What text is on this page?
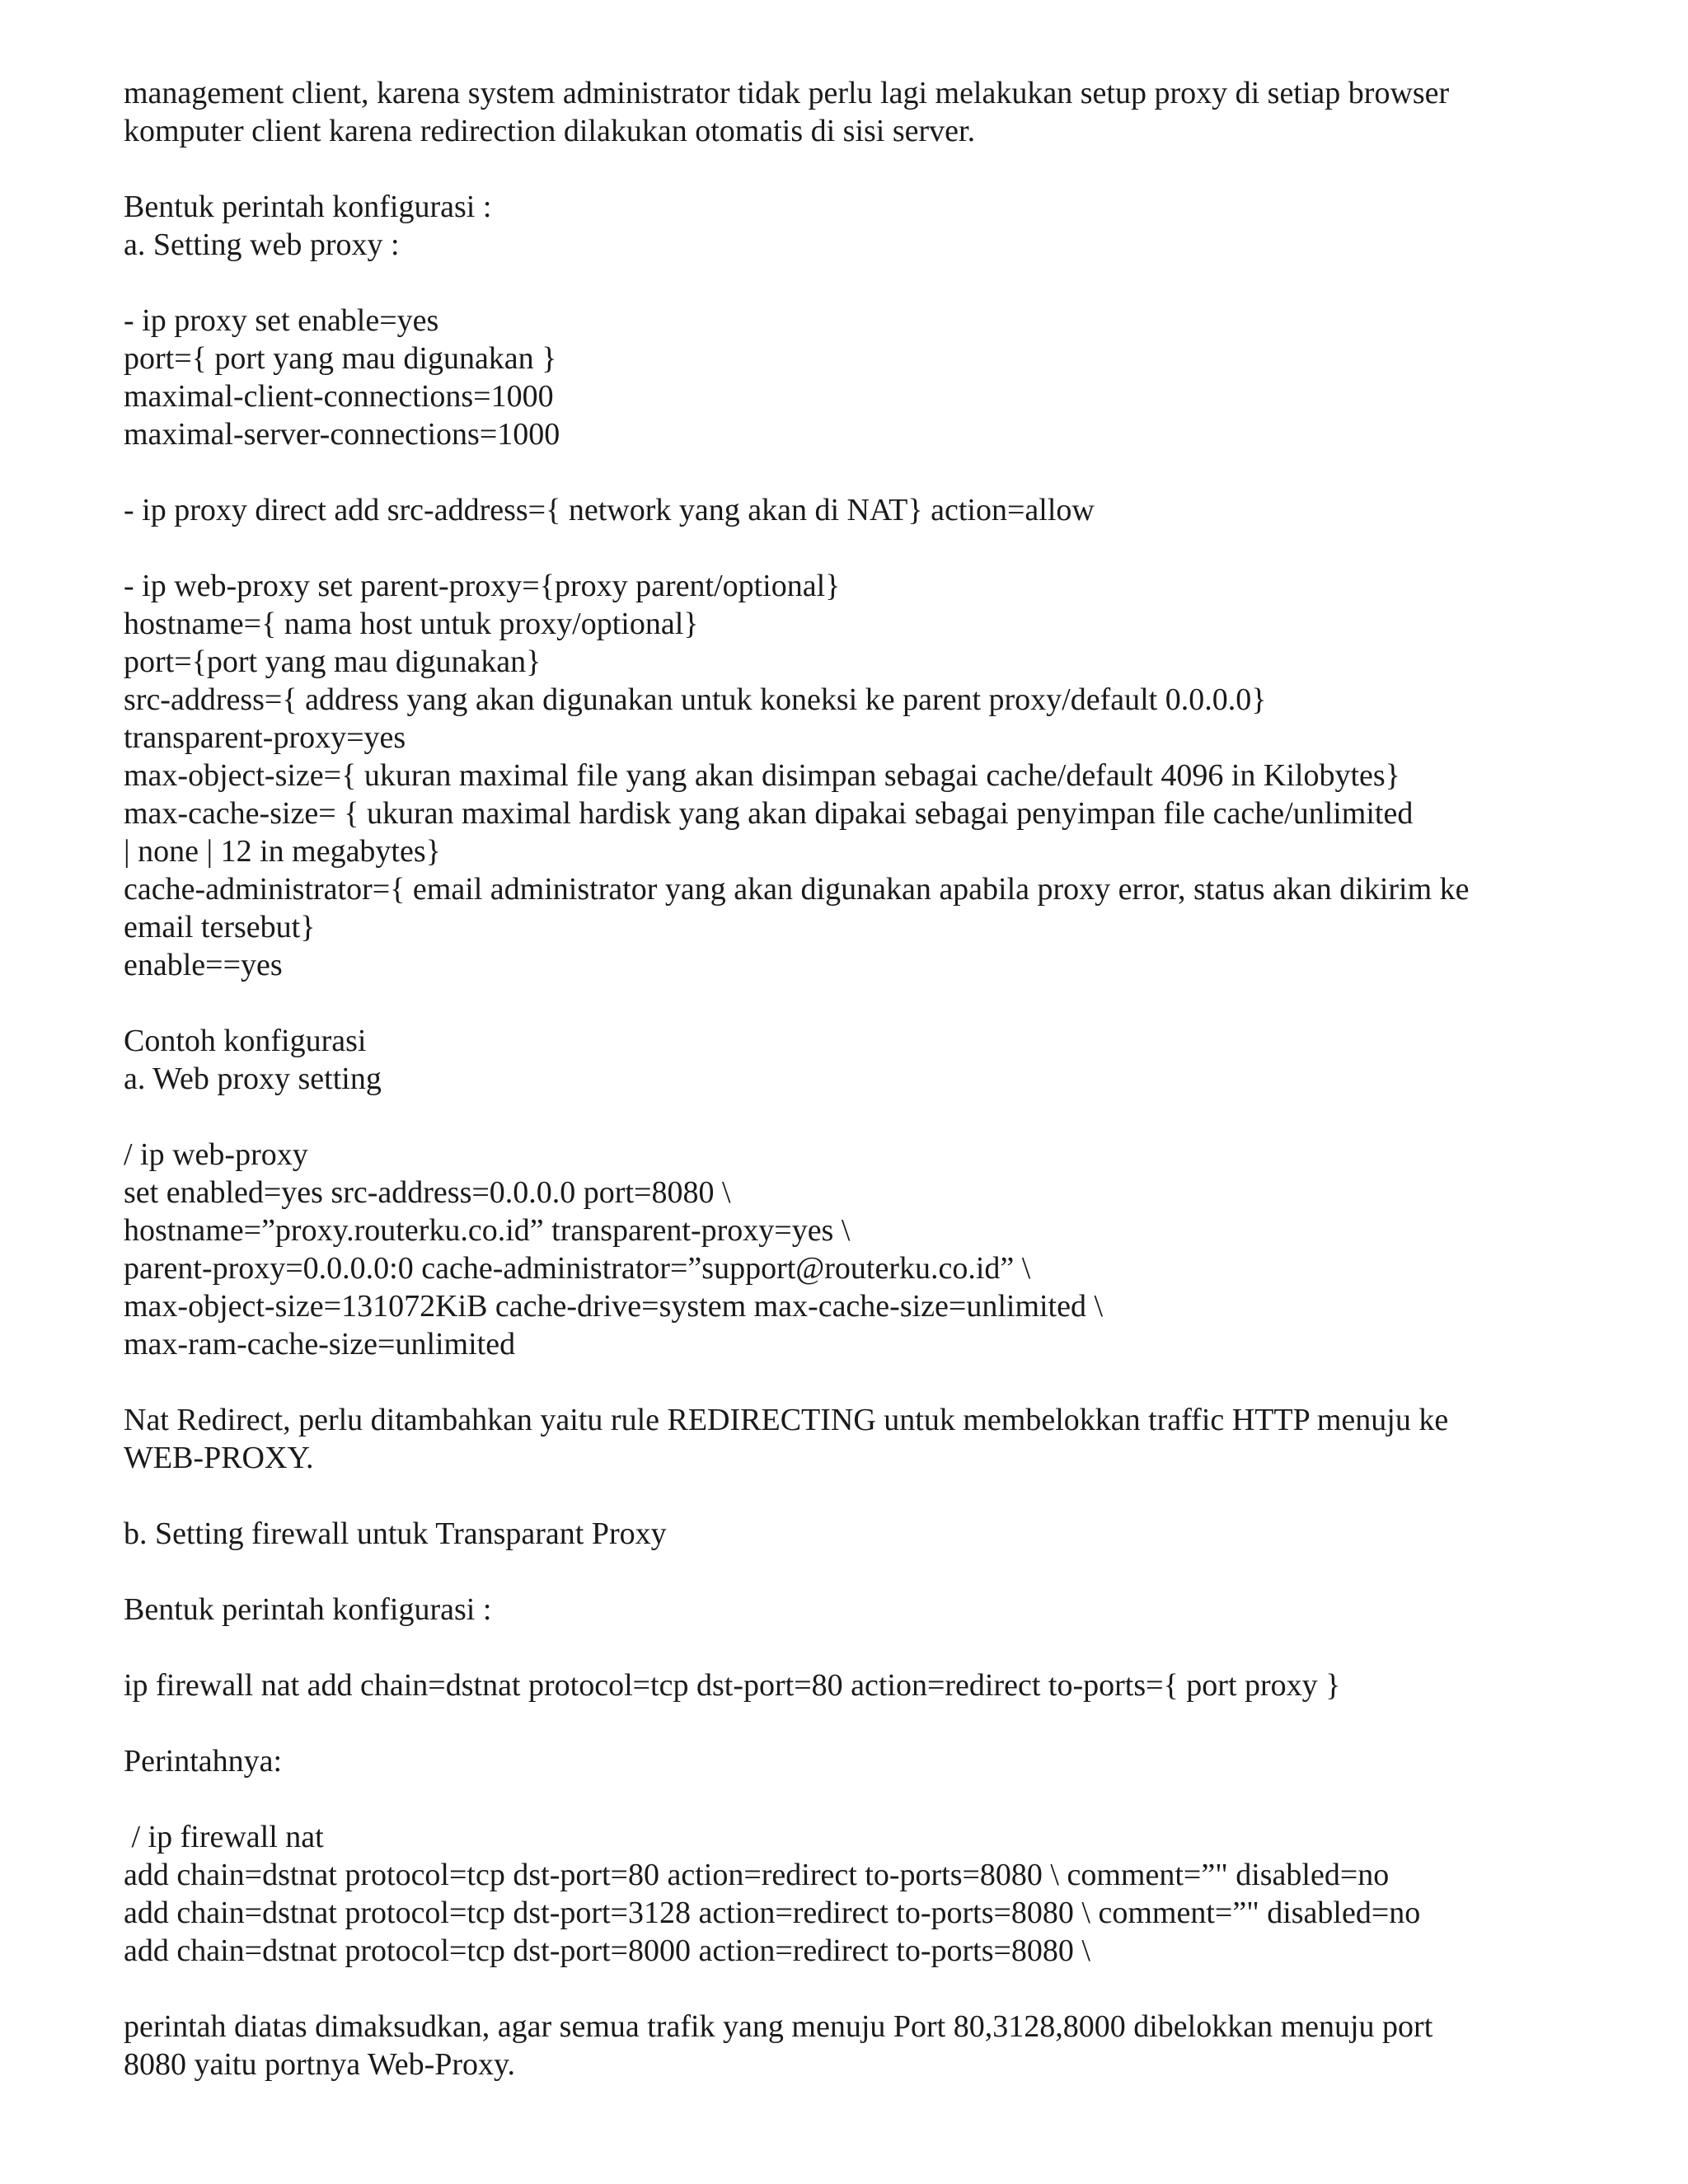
management client, karena system administrator tidak perlu lagi melakukan setup proxy di setiap browser
komputer client karena redirection dilakukan otomatis di sisi server.
Bentuk perintah konfigurasi :
a. Setting web proxy :
- ip proxy set enable=yes
port={ port yang mau digunakan }
maximal-client-connections=1000
maximal-server-connections=1000
- ip proxy direct add src-address={ network yang akan di NAT} action=allow
- ip web-proxy set parent-proxy={proxy parent/optional}
hostname={ nama host untuk proxy/optional}
port={port yang mau digunakan}
src-address={ address yang akan digunakan untuk koneksi ke parent proxy/default 0.0.0.0}
transparent-proxy=yes
max-object-size={ ukuran maximal file yang akan disimpan sebagai cache/default 4096 in Kilobytes}
max-cache-size= { ukuran maximal hardisk yang akan dipakai sebagai penyimpan file cache/unlimited
| none | 12 in megabytes}
cache-administrator={ email administrator yang akan digunakan apabila proxy error, status akan dikirim ke
email tersebut}
enable==yes
Contoh konfigurasi
a. Web proxy setting
/ ip web-proxy
set enabled=yes src-address=0.0.0.0 port=8080 \
hostname=”proxy.routerku.co.id” transparent-proxy=yes \
parent-proxy=0.0.0.0:0 cache-administrator=”support@routerku.co.id” \
max-object-size=131072KiB cache-drive=system max-cache-size=unlimited \
max-ram-cache-size=unlimited
Nat Redirect, perlu ditambahkan yaitu rule REDIRECTING untuk membelokkan traffic HTTP menuju ke
WEB-PROXY.
b. Setting firewall untuk Transparant Proxy
Bentuk perintah konfigurasi :
ip firewall nat add chain=dstnat protocol=tcp dst-port=80 action=redirect to-ports={ port proxy }
Perintahnya:
/ ip firewall nat
add chain=dstnat protocol=tcp dst-port=80 action=redirect to-ports=8080 \ comment=”" disabled=no
add chain=dstnat protocol=tcp dst-port=3128 action=redirect to-ports=8080 \ comment=”" disabled=no
add chain=dstnat protocol=tcp dst-port=8000 action=redirect to-ports=8080 \
perintah diatas dimaksudkan, agar semua trafik yang menuju Port 80,3128,8000 dibelokkan menuju port
8080 yaitu portnya Web-Proxy.
